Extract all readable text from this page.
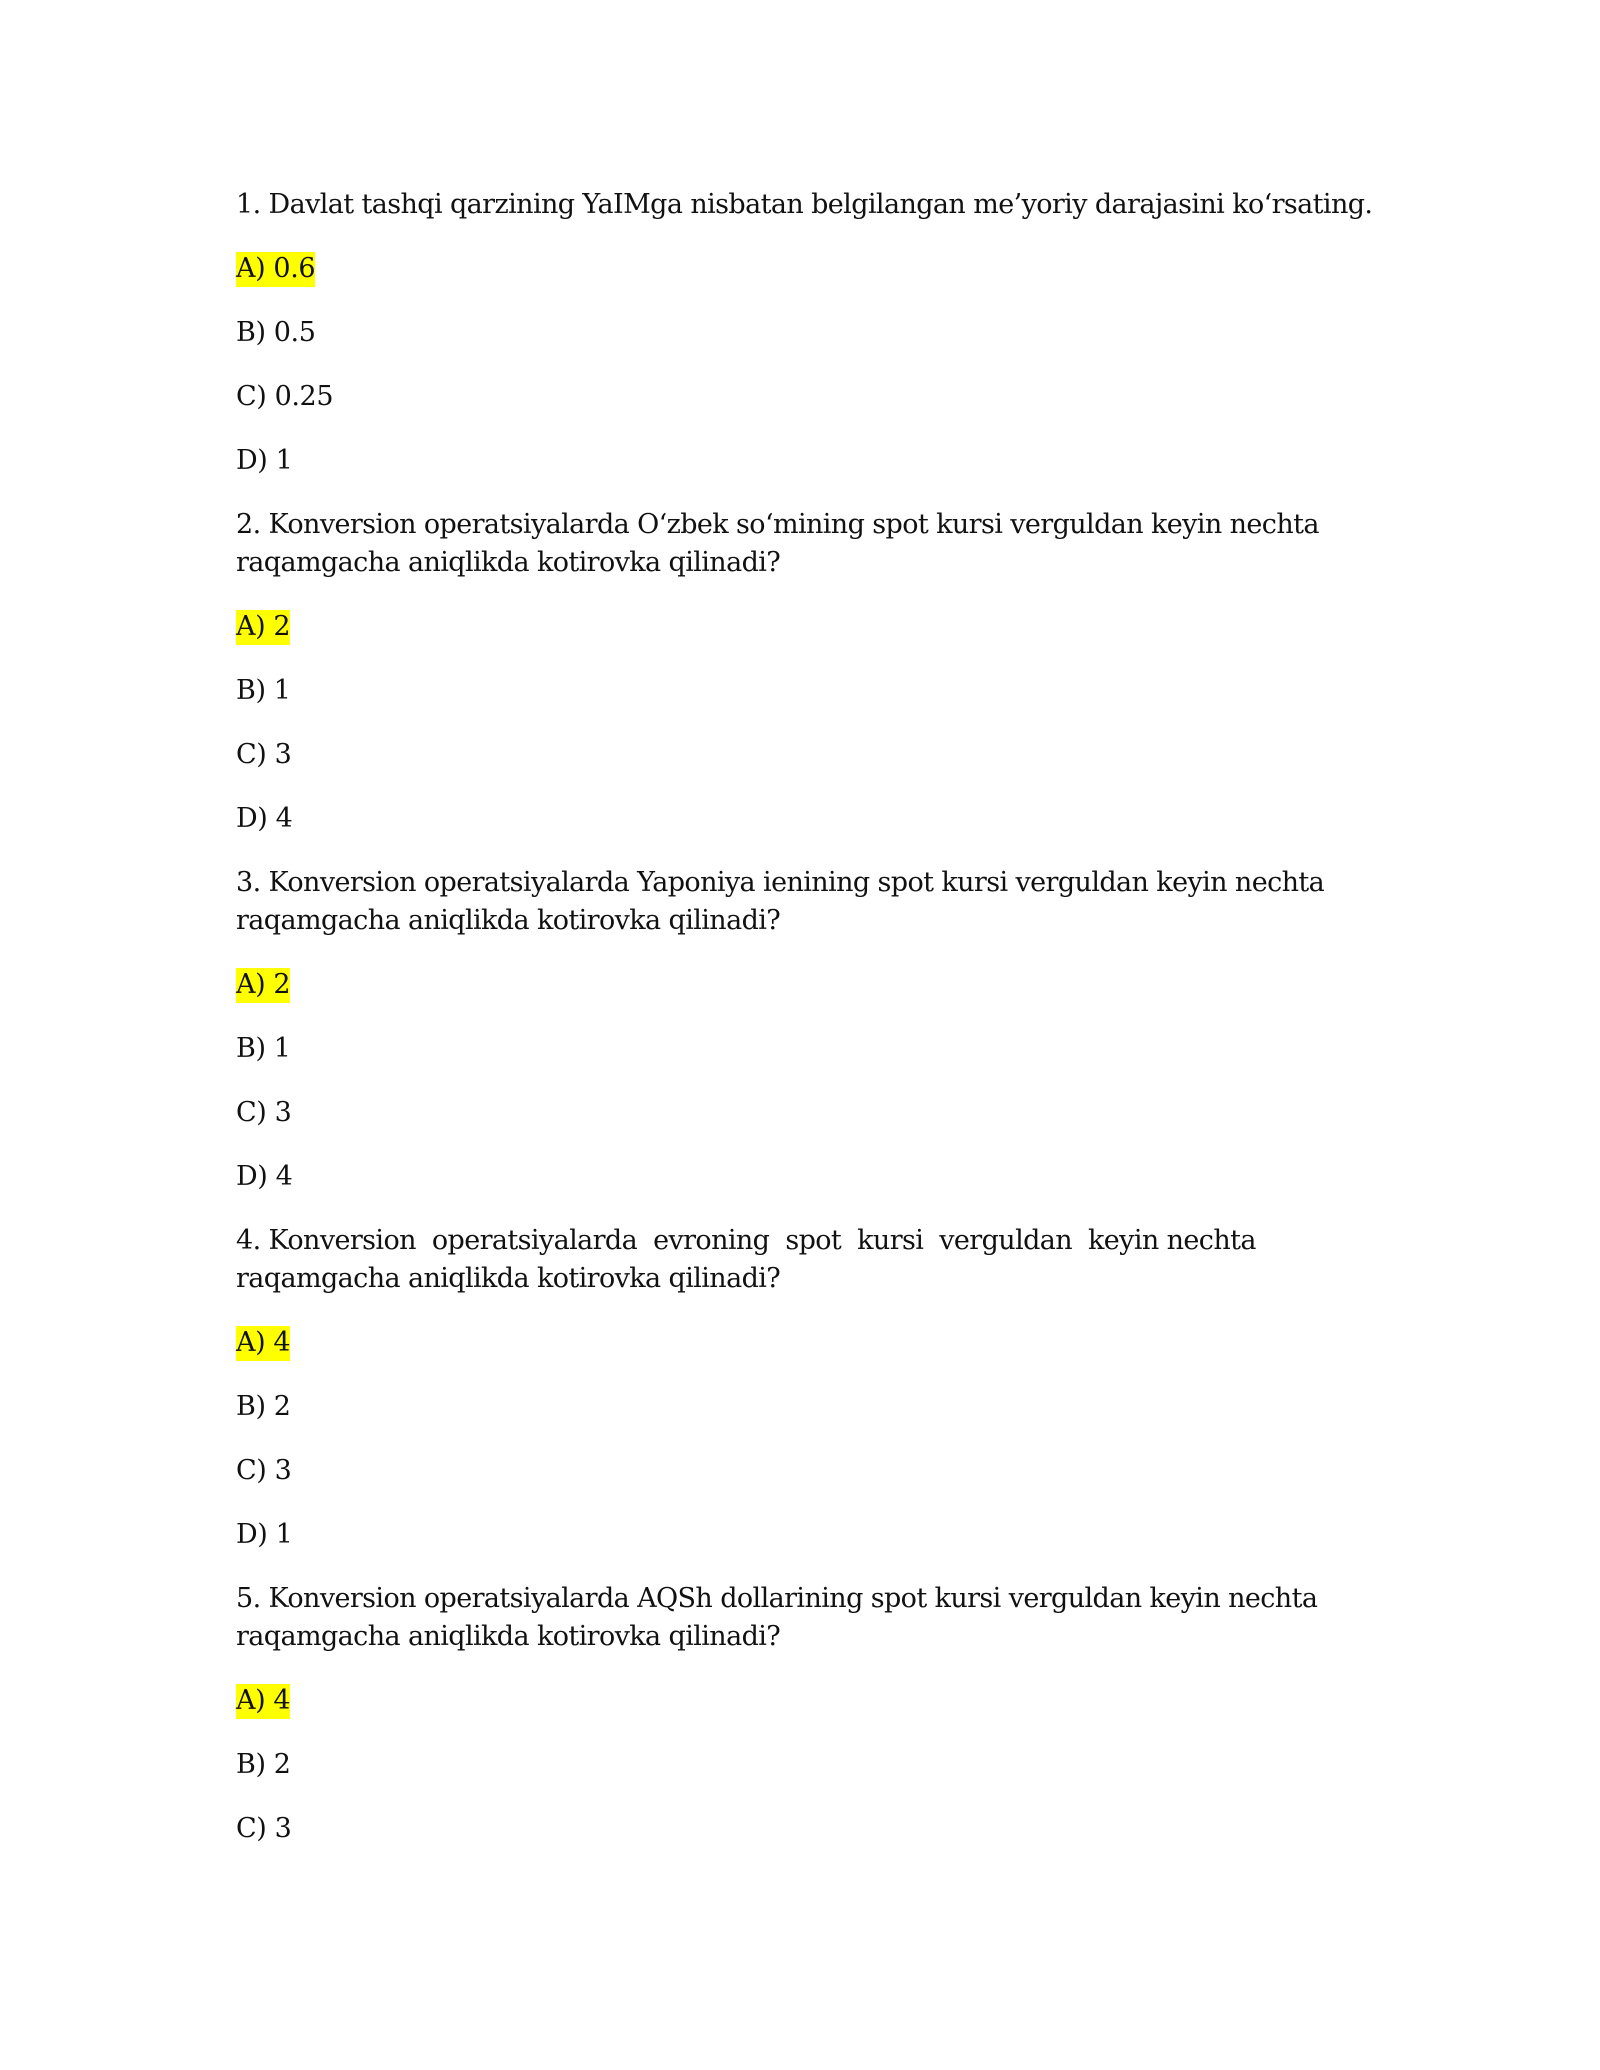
1. Davlat tashqi qarzining YaIMga nisbatan belgilangan me’yoriy darajasini ko‘rsating.

A) 0.6

B) 0.5

C) 0.25

D) 1

2. Konversion operatsiyalarda O‘zbek so‘mining spot kursi verguldan keyin nechta raqamgacha aniqlikda kotirovka qilinadi?

A) 2

B) 1

C) 3

D) 4

3. Konversion operatsiyalarda Yaponiya ienining spot kursi verguldan keyin nechta raqamgacha aniqlikda kotirovka qilinadi?

A) 2

B) 1

C) 3

D) 4

4. Konversion  operatsiyalarda  evroning  spot  kursi  verguldan  keyin nechta raqamgacha aniqlikda kotirovka qilinadi?

A) 4

B) 2

C) 3

D) 1

5. Konversion operatsiyalarda AQSh dollarining spot kursi verguldan keyin nechta raqamgacha aniqlikda kotirovka qilinadi?

A) 4

B) 2

C) 3
